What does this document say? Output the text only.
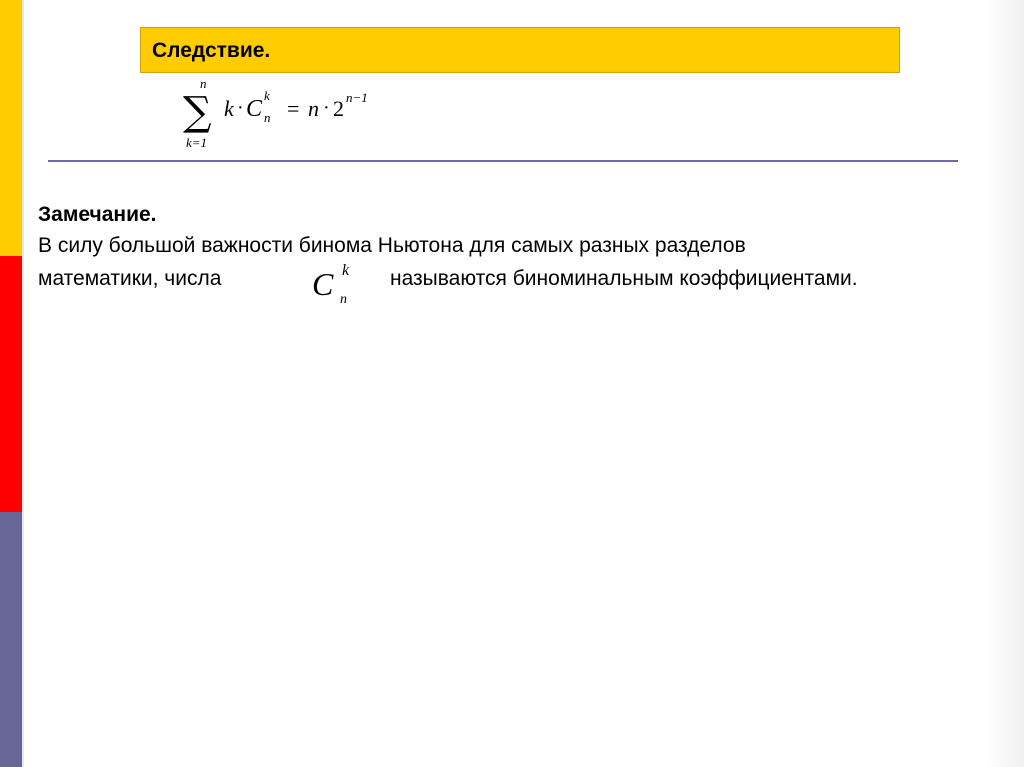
Следствие.
n
∑
k=1
k · C
k
n = n · 2 n−1
Замечание.
В силу большой важности бинома Ньютона для самых разных разделов
математики, числа	C k
n
называются биноминальным коэффициентами.
